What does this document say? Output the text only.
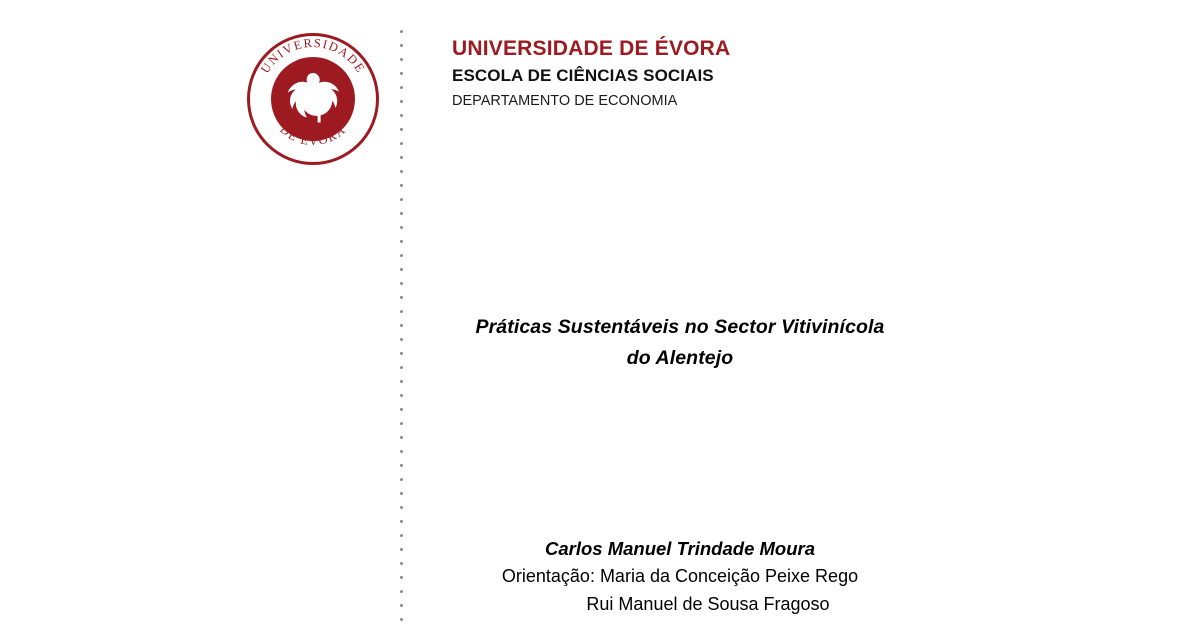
UNIVERSIDADE
DE ÉVORA
UNIVERSIDADE DE ÉVORA
ESCOLA DE CIÊNCIAS SOCIAIS
DEPARTAMENTO DE ECONOMIA
Práticas Sustentáveis no Sector Vitivinícola
do Alentejo
Carlos Manuel Trindade Moura
Orientação: Maria da Conceição Peixe Rego
Rui Manuel de Sousa Fragoso
